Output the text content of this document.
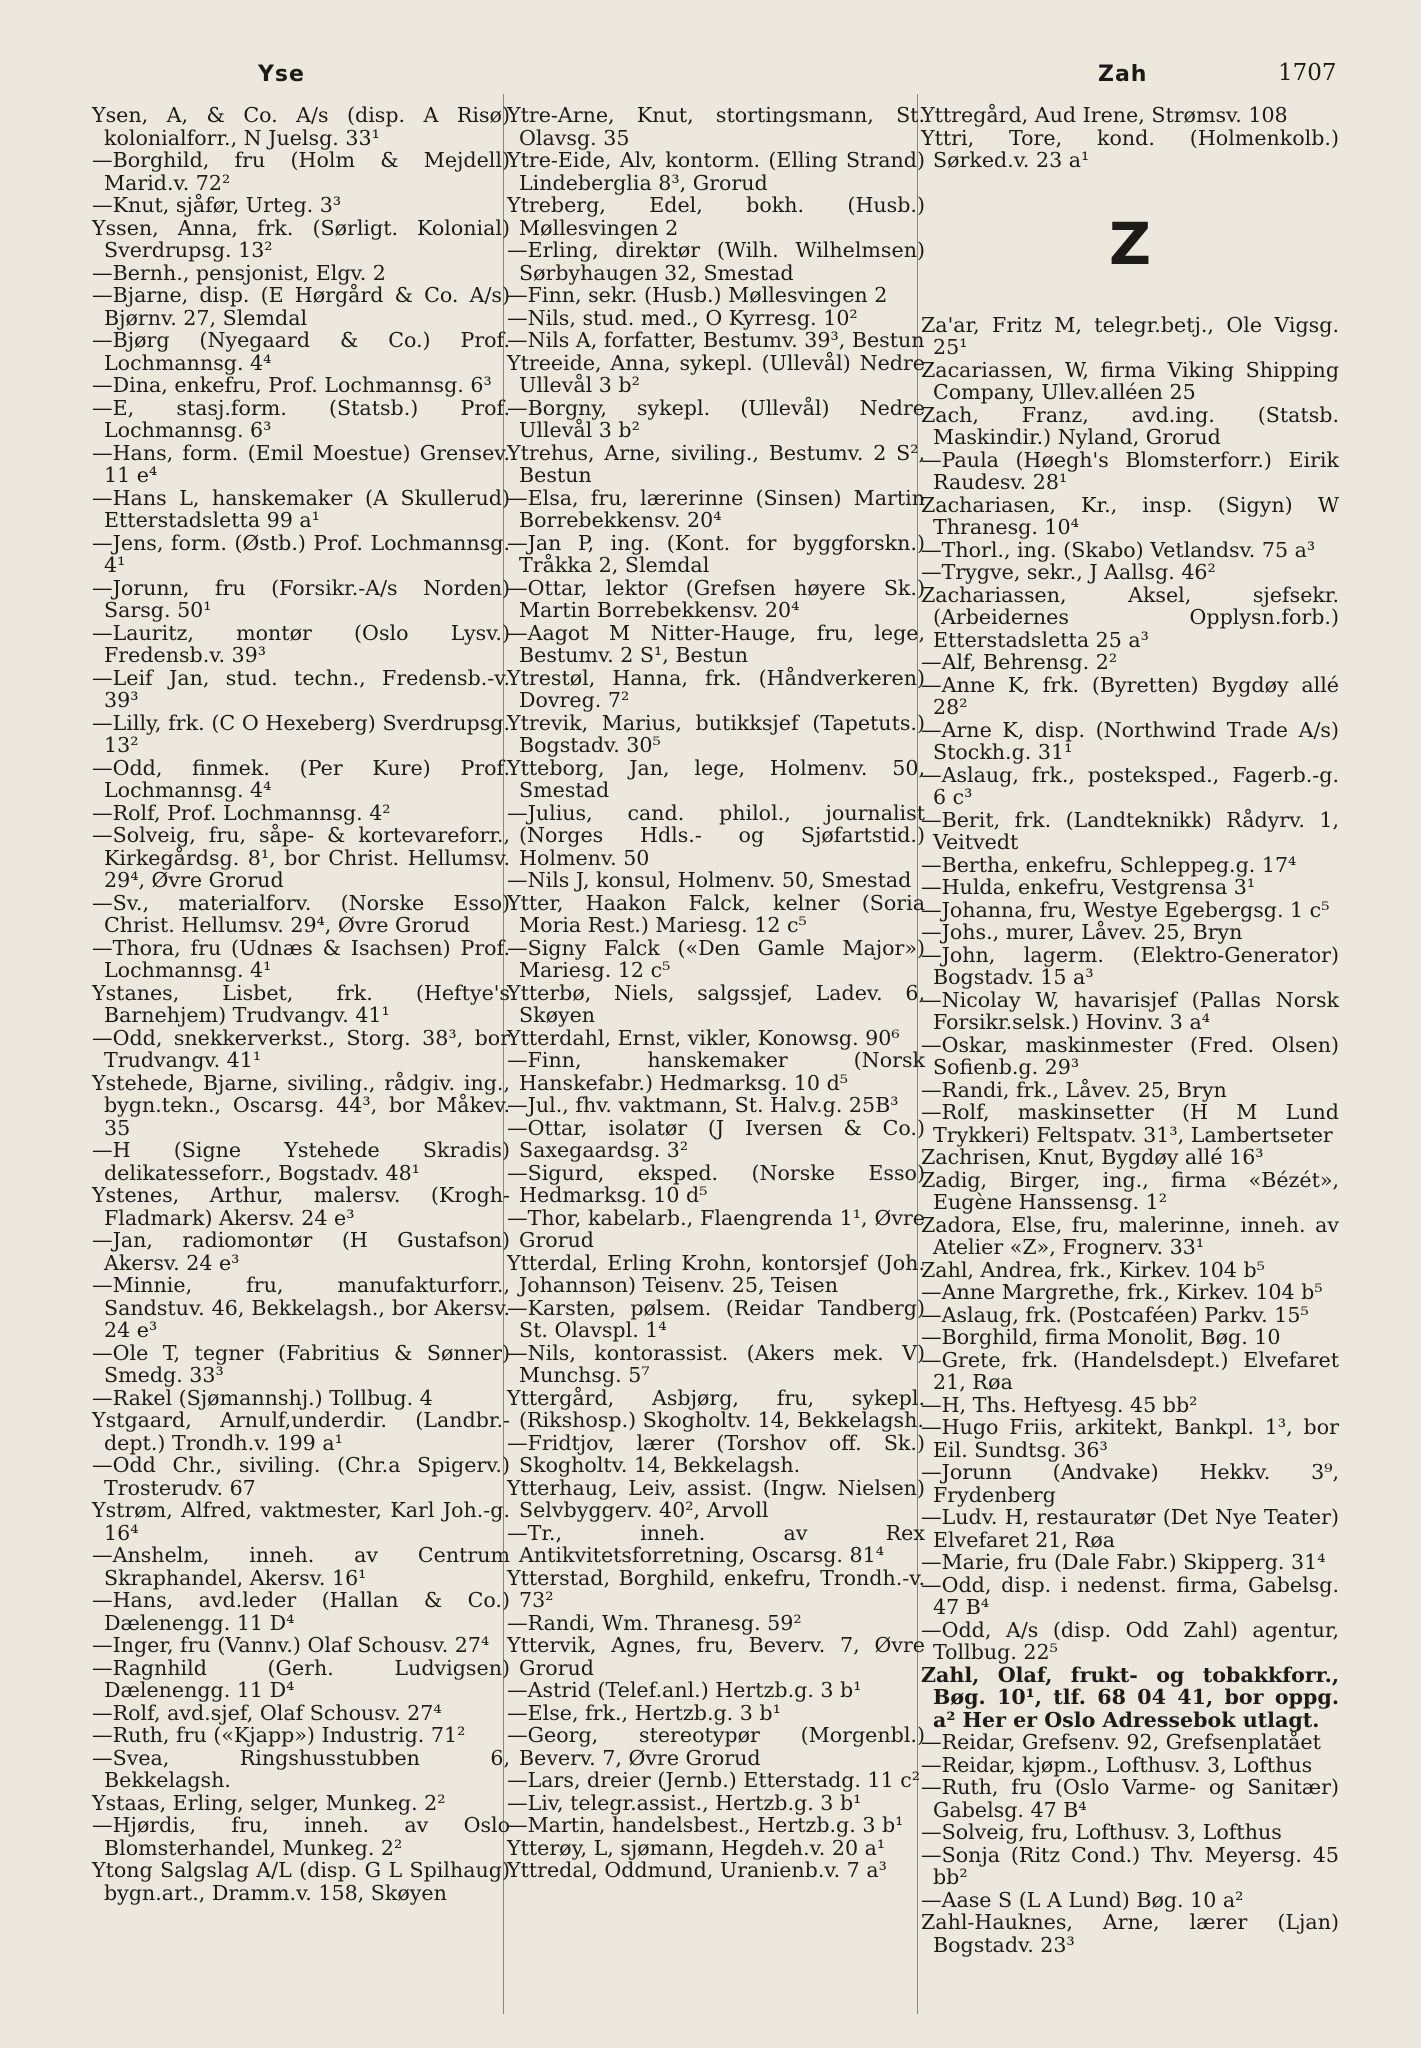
Yse	Zah	1707

Ysen, A, & Co. A/s (disp. A Risø) kolonialforr., N Juelsg. 33¹

—Borghild, fru (Holm & Mejdell) Marid.v. 72²

—Knut, sjåfør, Urteg. 3³

Yssen, Anna, frk. (Sørligt. Kolonial) Sverdrupsg. 13²

—Bernh., pensjonist, Elgv. 2

—Bjarne, disp. (E Hørgård & Co. A/s) Bjørnv. 27, Slemdal

—Bjørg (Nyegaard & Co.) Prof. Lochmannsg. 4⁴

—Dina, enkefru, Prof. Lochmannsg. 6³

—E, stasj.form. (Statsb.) Prof. Lochmannsg. 6³

—Hans, form. (Emil Moestue) Grensev. 11 e⁴

—Hans L, hanskemaker (A Skullerud) Etterstadsletta 99 a¹

—Jens, form. (Østb.) Prof. Lochmannsg. 4¹

—Jorunn, fru (Forsikr.-A/s Norden) Sarsg. 50¹

—Lauritz, montør (Oslo Lysv.) Fredensb.v. 39³

—Leif Jan, stud. techn., Fredensb.-v. 39³

—Lilly, frk. (C O Hexeberg) Sverdrupsg. 13²

—Odd, finmek. (Per Kure) Prof. Lochmannsg. 4⁴

—Rolf, Prof. Lochmannsg. 4²

—Solveig, fru, såpe- & kortevareforr., Kirkegårdsg. 8¹, bor Christ. Hellumsv. 29⁴, Øvre Grorud

—Sv., materialforv. (Norske Esso) Christ. Hellumsv. 29⁴, Øvre Grorud

—Thora, fru (Udnæs & Isachsen) Prof. Lochmannsg. 4¹

Ystanes, Lisbet, frk. (Heftye's Barnehjem) Trudvangv. 41¹

—Odd, snekkerverkst., Storg. 38³, bor Trudvangv. 41¹

Ystehede, Bjarne, siviling., rådgiv. ing., bygn.tekn., Oscarsg. 44³, bor Måkev. 35

—H (Signe Ystehede Skradis) delikatesseforr., Bogstadv. 48¹

Ystenes, Arthur, malersv. (Krogh-Fladmark) Akersv. 24 e³

—Jan, radiomontør (H Gustafson) Akersv. 24 e³

—Minnie, fru, manufakturforr., Sandstuv. 46, Bekkelagsh., bor Akersv. 24 e³

—Ole T, tegner (Fabritius & Sønner) Smedg. 33³

—Rakel (Sjømannshj.) Tollbug. 4

Ystgaard, Arnulf,underdir. (Landbr.-dept.) Trondh.v. 199 a¹

—Odd Chr., siviling. (Chr.a Spigerv.) Trosterudv. 67

Ystrøm, Alfred, vaktmester, Karl Joh.-g. 16⁴

—Anshelm, inneh. av Centrum Skraphandel, Akersv. 16¹

—Hans, avd.leder (Hallan & Co.) Dælenengg. 11 D⁴

—Inger, fru (Vannv.) Olaf Schousv. 27⁴

—Ragnhild (Gerh. Ludvigsen) Dælenengg. 11 D⁴

—Rolf, avd.sjef, Olaf Schousv. 27⁴

—Ruth, fru («Kjapp») Industrig. 71²

—Svea, Ringshusstubben 6, Bekkelagsh.

Ystaas, Erling, selger, Munkeg. 2²

—Hjørdis, fru, inneh. av Oslo Blomsterhandel, Munkeg. 2²

Ytong Salgslag A/L (disp. G L Spilhaug) bygn.art., Dramm.v. 158, Skøyen

Ytre-Arne, Knut, stortingsmann, St. Olavsg. 35

Ytre-Eide, Alv, kontorm. (Elling Strand) Lindebergliа 8³, Grorud

Ytreberg, Edel, bokh. (Husb.) Møllesvingen 2

—Erling, direktør (Wilh. Wilhelmsen) Sørbyhaugen 32, Smestad

—Finn, sekr. (Husb.) Møllesvingen 2

—Nils, stud. med., O Kyrresg. 10²

—Nils A, forfatter, Bestumv. 39³, Bestun

Ytreeide, Anna, sykepl. (Ullevål) Nedre Ullevål 3 b²

—Borgny, sykepl. (Ullevål) Nedre Ullevål 3 b²

Ytrehus, Arne, siviling., Bestumv. 2 S², Bestun

—Elsa, fru, lærerinne (Sinsen) Martin Borrebekkensv. 20⁴

—Jan P, ing. (Kont. for byggforskn.) Tråkka 2, Slemdal

—Ottar, lektor (Grefsen høyere Sk.) Martin Borrebekkensv. 20⁴

—Aagot M Nitter-Hauge, fru, lege, Bestumv. 2 S¹, Bestun

Ytrestøl, Hanna, frk. (Håndverkeren) Dovreg. 7²

Ytrevik, Marius, butikksjef (Tapetuts.) Bogstadv. 30⁵

Ytteborg, Jan, lege, Holmenv. 50, Smestad

—Julius, cand. philol., journalist (Norges Hdls.- og Sjøfartstid.) Holmenv. 50

—Nils J, konsul, Holmenv. 50, Smestad

Ytter, Haakon Falck, kelner (Soria Moria Rest.) Mariesg. 12 c⁵

—Signy Falck («Den Gamle Major») Mariesg. 12 c⁵

Ytterbø, Niels, salgssjef, Ladev. 6, Skøyen

Ytterdahl, Ernst, vikler, Konowsg. 90⁶

—Finn, hanskemaker (Norsk Hanskefabr.) Hedmarksg. 10 d⁵

—Jul., fhv. vaktmann, St. Halv.g. 25B³

—Ottar, isolatør (J Iversen & Co.) Saxegaardsg. 3²

—Sigurd, eksped. (Norske Esso) Hedmarksg. 10 d⁵

—Thor, kabelarb., Flaengrenda 1¹, Øvre Grorud

Ytterdal, Erling Krohn, kontorsjef (Joh. Johannson) Teisenv. 25, Teisen

—Karsten, pølsem. (Reidar Tandberg) St. Olavspl. 1⁴

—Nils, kontorassist. (Akers mek. V) Munchsg. 5⁷

Yttergård, Asbjørg, fru, sykepl. (Rikshosp.) Skogholtv. 14, Bekkelagsh.

—Fridtjov, lærer (Torshov off. Sk.) Skogholtv. 14, Bekkelagsh.

Ytterhaug, Leiv, assist. (Ingw. Nielsen) Selvbyggerv. 40², Arvoll

—Tr., inneh. av Rex Antikvitetsforretning, Oscarsg. 81⁴

Ytterstad, Borghild, enkefru, Trondh.-v. 73²

—Randi, Wm. Thranesg. 59²

Yttervik, Agnes, fru, Beverv. 7, Øvre Grorud

—Astrid (Telef.anl.) Hertzb.g. 3 b¹

—Else, frk., Hertzb.g. 3 b¹

—Georg, stereotypør (Morgenbl.) Beverv. 7, Øvre Grorud

—Lars, dreier (Jernb.) Etterstadg. 11 c²

—Liv, telegr.assist., Hertzb.g. 3 b¹

—Martin, handelsbest., Hertzb.g. 3 b¹

Ytterøy, L, sjømann, Hegdeh.v. 20 a¹

Yttredal, Oddmund, Uranienb.v. 7 a³

Yttregård, Aud Irene, Strømsv. 108

Yttri, Tore, kond. (Holmenkolb.) Sørked.v. 23 a¹

Z

Za'ar, Fritz M, telegr.betj., Ole Vigsg. 25¹

Zacariassen, W, firma Viking Shipping Company, Ullev.alléen 25

Zach, Franz, avd.ing. (Statsb. Maskindir.) Nyland, Grorud

—Paula (Høegh's Blomsterforr.) Eirik Raudesv. 28¹

Zachariasen, Kr., insp. (Sigyn) W Thranesg. 10⁴

—Thorl., ing. (Skabo) Vetlandsv. 75 a³

—Trygve, sekr., J Aallsg. 46²

Zachariassen, Aksel, sjefsekr. (Arbeidernes Opplysn.forb.) Etterstadsletta 25 a³

—Alf, Behrensg. 2²

—Anne K, frk. (Byretten) Bygdøy allé 28²

—Arne K, disp. (Northwind Trade A/s) Stockh.g. 31¹

—Aslaug, frk., posteksped., Fagerb.-g. 6 c³

—Berit, frk. (Landteknikk) Rådyrv. 1, Veitvedt

—Bertha, enkefru, Schleppeg.g. 17⁴

—Hulda, enkefru, Vestgrensa 3¹

—Johanna, fru, Westye Egebergsg. 1 c⁵

—Johs., murer, Låvev. 25, Bryn

—John, lagerm. (Elektro-Generator) Bogstadv. 15 a³

—Nicolay W, havarisjef (Pallas Norsk Forsikr.selsk.) Hovinv. 3 a⁴

—Oskar, maskinmester (Fred. Olsen) Sofienb.g. 29³

—Randi, frk., Låvev. 25, Bryn

—Rolf, maskinsetter (H M Lund Trykkeri) Feltspatv. 31³, Lambertseter

Zachrisen, Knut, Bygdøy allé 16³

Zadig, Birger, ing., firma «Bézét», Eugène Hanssensg. 1²

Zadora, Else, fru, malerinne, inneh. av Atelier «Z», Frognerv. 33¹

Zahl, Andrea, frk., Kirkev. 104 b⁵

—Anne Margrethe, frk., Kirkev. 104 b⁵

—Aslaug, frk. (Postcaféen) Parkv. 15⁵

—Borghild, firma Monolit, Bøg. 10

—Grete, frk. (Handelsdept.) Elvefaret 21, Røa

—H, Ths. Heftyesg. 45 bb²

—Hugo Friis, arkitekt, Bankpl. 1³, bor Eil. Sundtsg. 36³

—Jorunn (Andvake) Hekkv. 3⁹, Frydenberg

—Ludv. H, restauratør (Det Nye Teater) Elvefaret 21, Røa

—Marie, fru (Dale Fabr.) Skipperg. 31⁴

—Odd, disp. i nedenst. firma, Gabelsg. 47 B⁴

—Odd, A/s (disp. Odd Zahl) agentur, Tollbug. 22⁵

Zahl, Olaf, frukt- og tobakkforr., Bøg. 10¹, tlf. 68 04 41, bor oppg. a² Her er Oslo Adressebok utlagt.

—Reidar, Grefsenv. 92, Grefsenplatået

—Reidar, kjøpm., Lofthusv. 3, Lofthus

—Ruth, fru (Oslo Varme- og Sanitær) Gabelsg. 47 B⁴

—Solveig, fru, Lofthusv. 3, Lofthus

—Sonja (Ritz Cond.) Thv. Meyersg. 45 bb²

—Aase S (L A Lund) Bøg. 10 a²

Zahl-Hauknes, Arne, lærer (Ljan) Bogstadv. 23³
